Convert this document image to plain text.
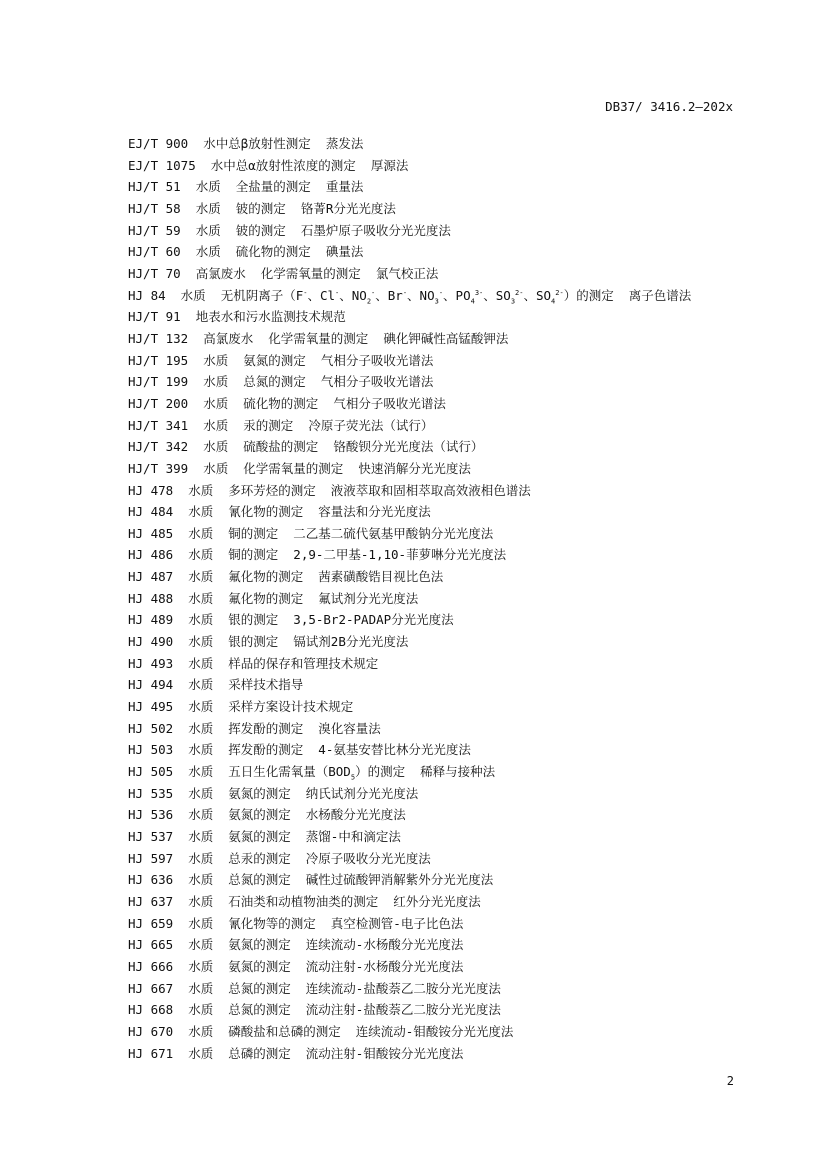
DB37/ 3416.2—202x
EJ/T 900  水中总β放射性测定  蒸发法
EJ/T 1075  水中总α放射性浓度的测定  厚源法
HJ/T 51  水质  全盐量的测定  重量法
HJ/T 58  水质  铍的测定  铬菁R分光光度法
HJ/T 59  水质  铍的测定  石墨炉原子吸收分光光度法
HJ/T 60  水质  硫化物的测定  碘量法
HJ/T 70  高氯废水  化学需氧量的测定  氯气校正法
HJ 84  水质  无机阴离子（F-、Cl-、$NO_2^-$、Br-、$NO_3^-$、$PO_4^{3-}$、$SO_3^{2-}$、$SO_4^{2-}$）的测定  离子色谱法
HJ/T 91  地表水和污水监测技术规范
HJ/T 132  高氯废水  化学需氧量的测定  碘化钾碱性高锰酸钾法
HJ/T 195  水质  氨氮的测定  气相分子吸收光谱法
HJ/T 199  水质  总氮的测定  气相分子吸收光谱法
HJ/T 200  水质  硫化物的测定  气相分子吸收光谱法
HJ/T 341  水质  汞的测定  冷原子荧光法（试行）
HJ/T 342  水质  硫酸盐的测定  铬酸钡分光光度法（试行）
HJ/T 399  水质  化学需氧量的测定  快速消解分光光度法
HJ 478  水质  多环芳烃的测定  液液萃取和固相萃取高效液相色谱法
HJ 484  水质  氰化物的测定  容量法和分光光度法
HJ 485  水质  铜的测定  二乙基二硫代氨基甲酸钠分光光度法
HJ 486  水质  铜的测定  2,9-二甲基-1,10-菲萝啉分光光度法
HJ 487  水质  氟化物的测定  茜素磺酸锆目视比色法
HJ 488  水质  氟化物的测定  氟试剂分光光度法
HJ 489  水质  银的测定  3,5-Br2-PADAP分光光度法
HJ 490  水质  银的测定  镉试剂2B分光光度法
HJ 493  水质  样品的保存和管理技术规定
HJ 494  水质  采样技术指导
HJ 495  水质  采样方案设计技术规定
HJ 502  水质  挥发酚的测定  溴化容量法
HJ 503  水质  挥发酚的测定  4-氨基安替比林分光光度法
HJ 505  水质  五日生化需氧量$(BOD_5)$的测定  稀释与接种法
HJ 535  水质  氨氮的测定  纳氏试剂分光光度法
HJ 536  水质  氨氮的测定  水杨酸分光光度法
HJ 537  水质  氨氮的测定  蒸馏-中和滴定法
HJ 597  水质  总汞的测定  冷原子吸收分光光度法
HJ 636  水质  总氮的测定  碱性过硫酸钾消解紫外分光光度法
HJ 637  水质  石油类和动植物油类的测定  红外分光光度法
HJ 659  水质  氰化物等的测定  真空检测管-电子比色法
HJ 665  水质  氨氮的测定  连续流动-水杨酸分光光度法
HJ 666  水质  氨氮的测定  流动注射-水杨酸分光光度法
HJ 667  水质  总氮的测定  连续流动-盐酸萘乙二胺分光光度法
HJ 668  水质  总氮的测定  流动注射-盐酸萘乙二胺分光光度法
HJ 670  水质  磷酸盐和总磷的测定  连续流动-钼酸铵分光光度法
HJ 671  水质  总磷的测定  流动注射-钼酸铵分光光度法
2
